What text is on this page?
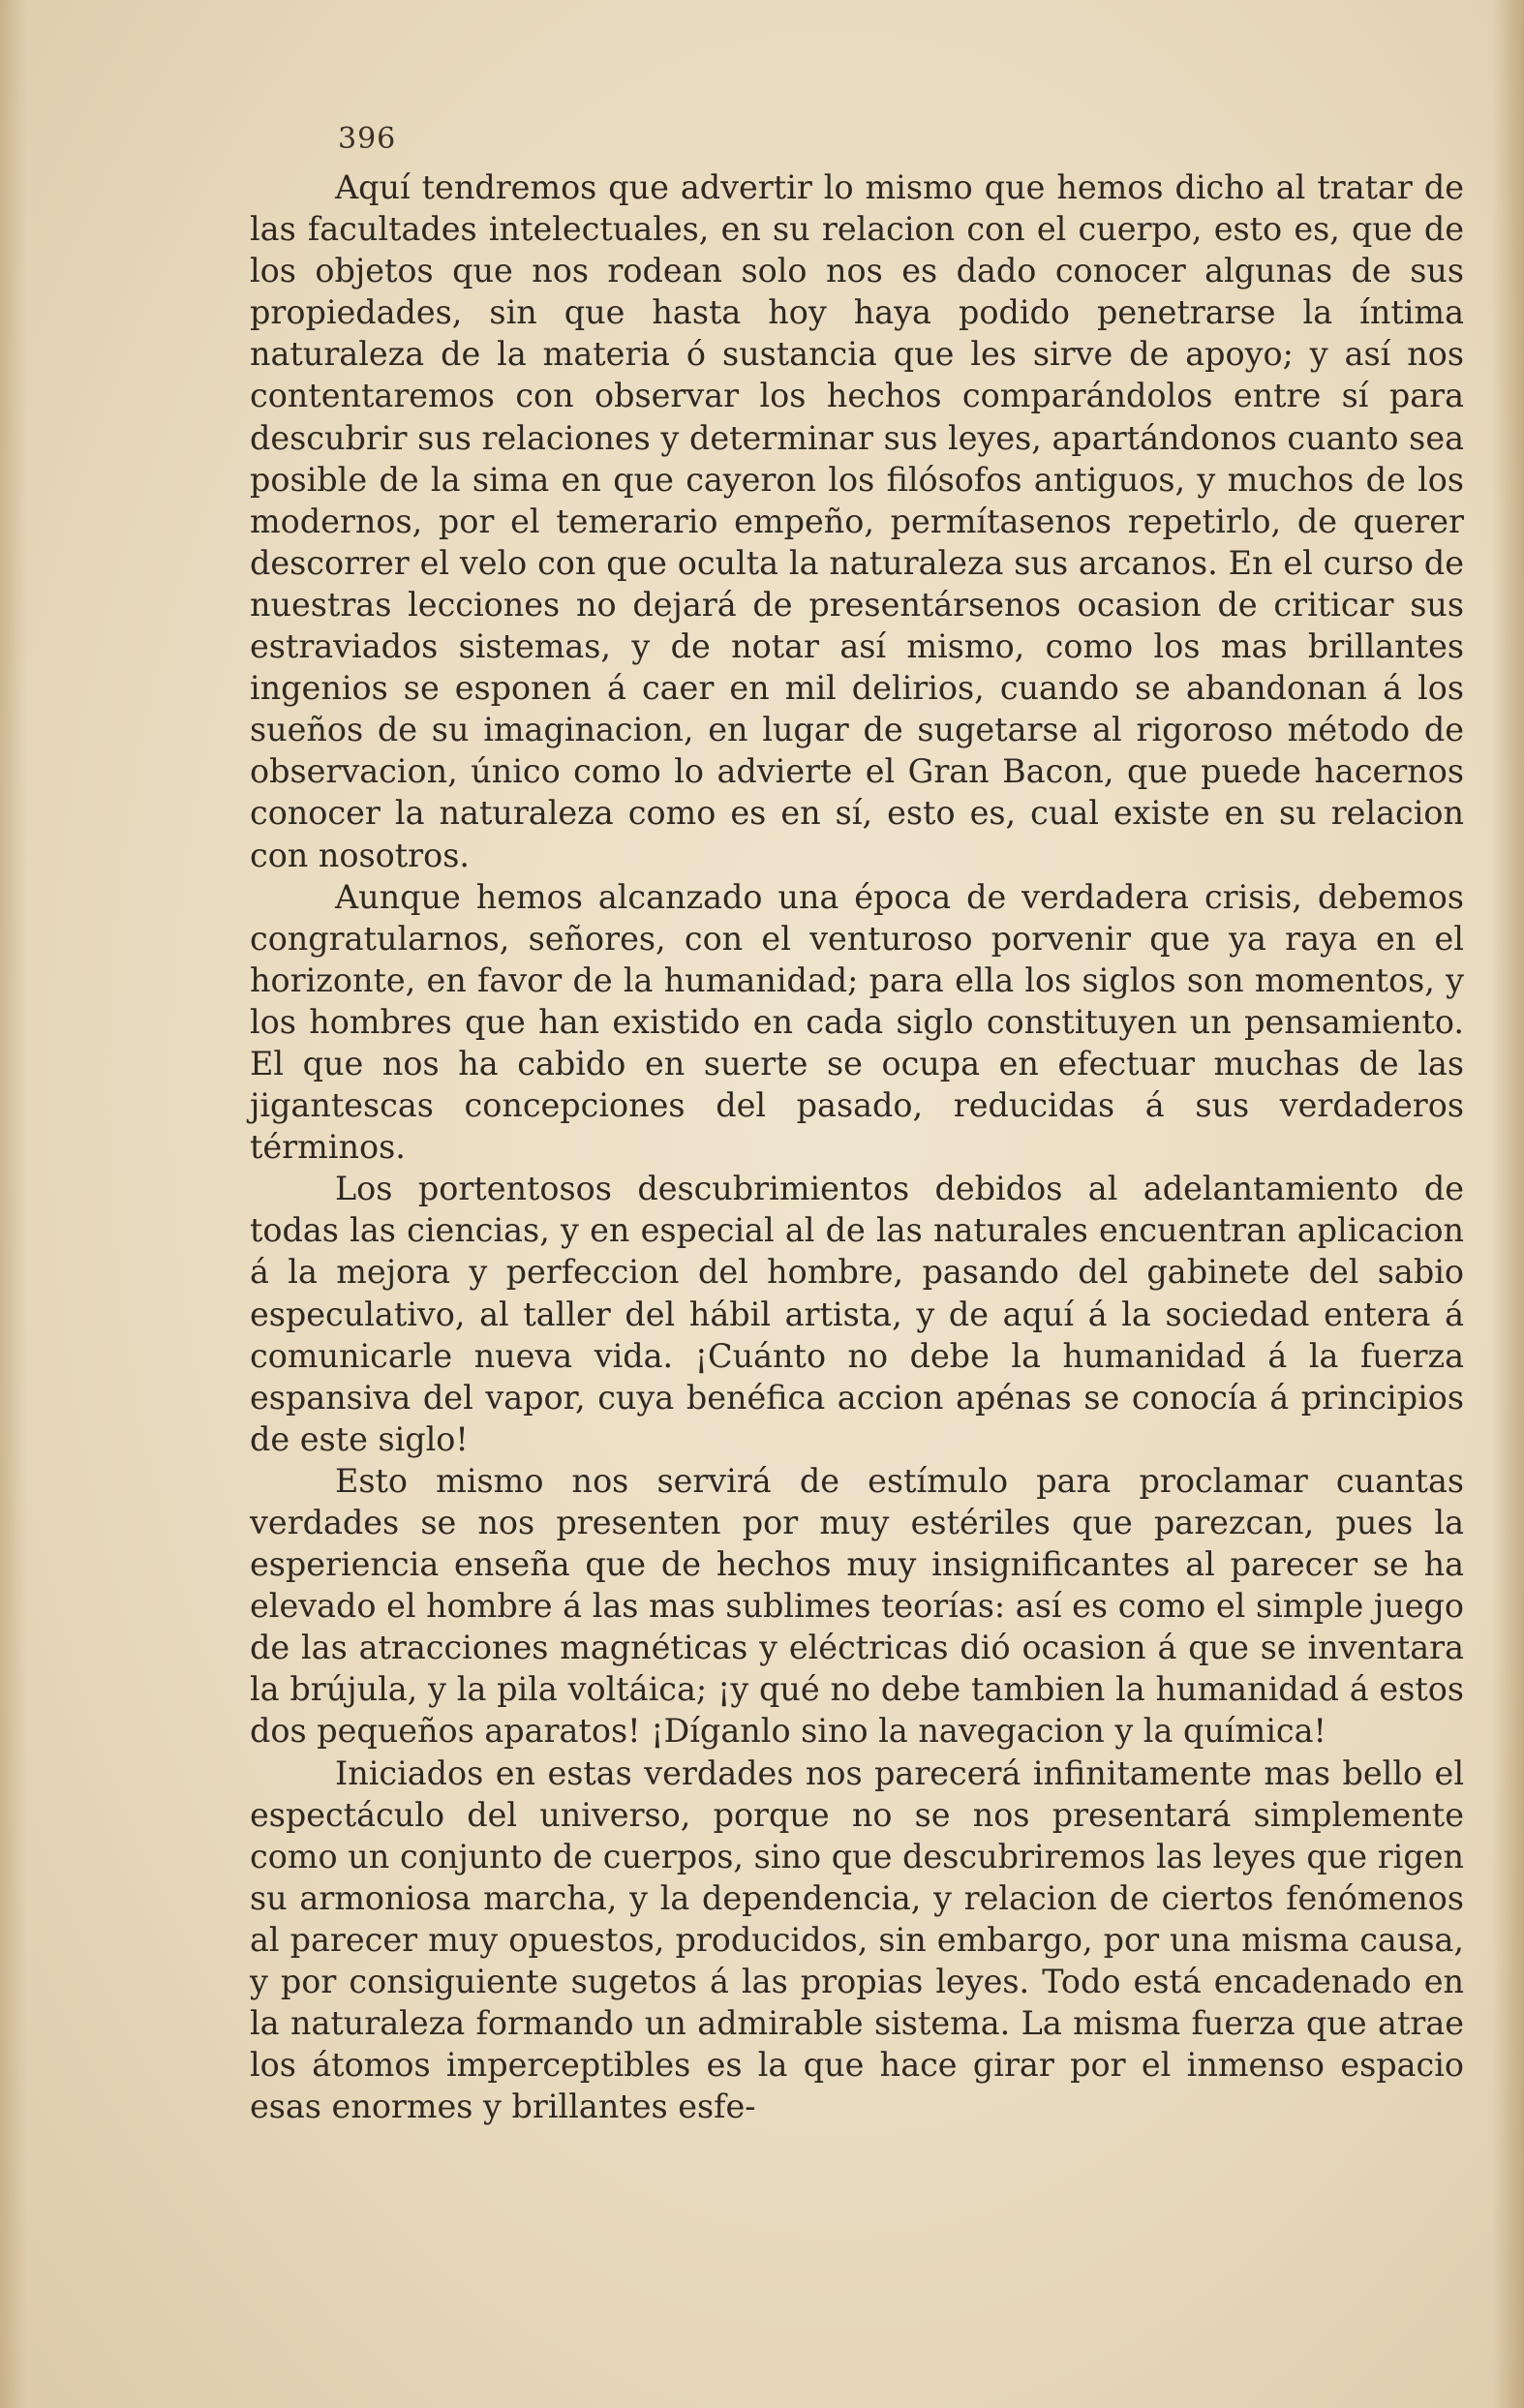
396

Aquí tendremos que advertir lo mismo que hemos dicho al tratar de las facultades intelectuales, en su relacion con el cuerpo, esto es, que de los objetos que nos rodean solo nos es dado conocer algunas de sus propiedades, sin que hasta hoy haya podido penetrarse la íntima naturaleza de la materia ó sustancia que les sirve de apoyo; y así nos contentaremos con observar los hechos comparándolos entre sí para descubrir sus relaciones y determinar sus leyes, apartándonos cuanto sea posible de la sima en que cayeron los filósofos antiguos, y muchos de los modernos, por el temerario empeño, permítasenos repetirlo, de querer descorrer el velo con que oculta la naturaleza sus arcanos. En el curso de nuestras lecciones no dejará de presentársenos ocasion de criticar sus estraviados sistemas, y de notar así mismo, como los mas brillantes ingenios se esponen á caer en mil delirios, cuando se abandonan á los sueños de su imaginacion, en lugar de sugetarse al rigoroso método de observacion, único como lo advierte el Gran Bacon, que puede hacernos conocer la naturaleza como es en sí, esto es, cual existe en su relacion con nosotros.

Aunque hemos alcanzado una época de verdadera crisis, debemos congratularnos, señores, con el venturoso porvenir que ya raya en el horizonte, en favor de la humanidad; para ella los siglos son momentos, y los hombres que han existido en cada siglo constituyen un pensamiento. El que nos ha cabido en suerte se ocupa en efectuar muchas de las jigantescas concepciones del pasado, reducidas á sus verdaderos términos.

Los portentosos descubrimientos debidos al adelantamiento de todas las ciencias, y en especial al de las naturales encuentran aplicacion á la mejora y perfeccion del hombre, pasando del gabinete del sabio especulativo, al taller del hábil artista, y de aquí á la sociedad entera á comunicarle nueva vida. ¡Cuánto no debe la humanidad á la fuerza espansiva del vapor, cuya benéfica accion apénas se conocía á principios de este siglo!

Esto mismo nos servirá de estímulo para proclamar cuantas verdades se nos presenten por muy estériles que parezcan, pues la esperiencia enseña que de hechos muy insignificantes al parecer se ha elevado el hombre á las mas sublimes teorías: así es como el simple juego de las atracciones magnéticas y eléctricas dió ocasion á que se inventara la brújula, y la pila voltáica; ¡y qué no debe tambien la humanidad á estos dos pequeños aparatos! ¡Díganlo sino la navegacion y la química!

Iniciados en estas verdades nos parecerá infinitamente mas bello el espectáculo del universo, porque no se nos presentará simplemente como un conjunto de cuerpos, sino que descubriremos las leyes que rigen su armoniosa marcha, y la dependencia, y relacion de ciertos fenómenos al parecer muy opuestos, producidos, sin embargo, por una misma causa, y por consiguiente sugetos á las propias leyes. Todo está encadenado en la naturaleza formando un admirable sistema. La misma fuerza que atrae los átomos imperceptibles es la que hace girar por el inmenso espacio esas enormes y brillantes esfe-
